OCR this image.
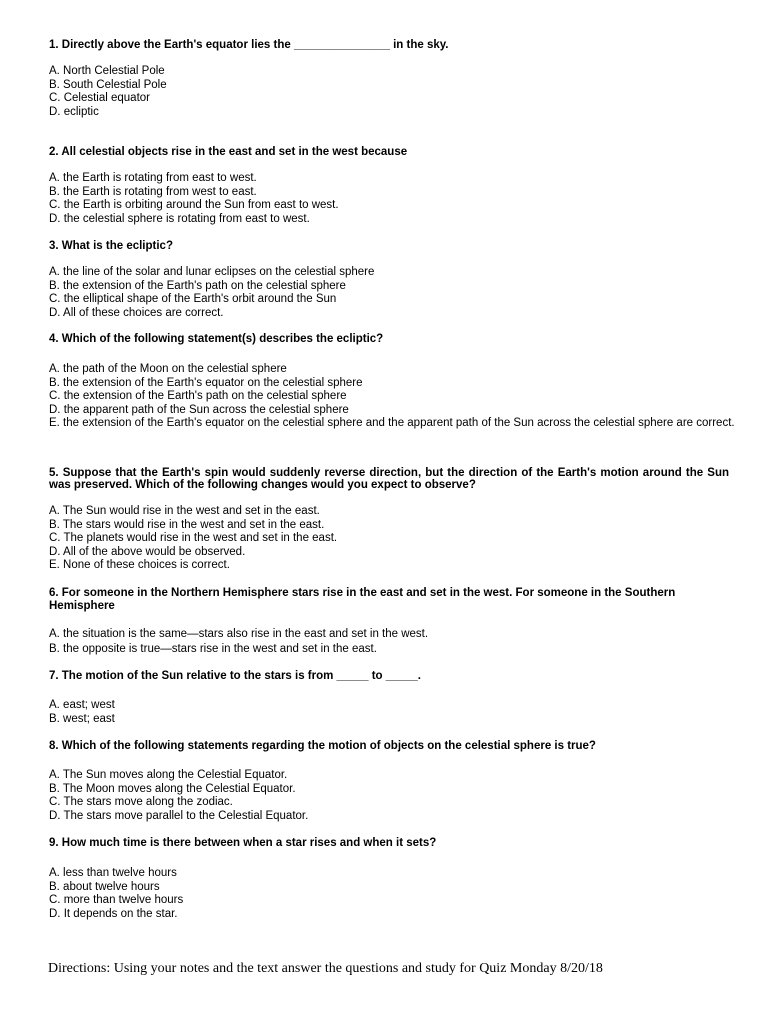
1. Directly above the Earth's equator lies the _______________ in the sky.

A. North Celestial Pole
B. South Celestial Pole
C. Celestial equator
D. ecliptic

2. All celestial objects rise in the east and set in the west because

A. the Earth is rotating from east to west.
B. the Earth is rotating from west to east.
C. the Earth is orbiting around the Sun from east to west.
D. the celestial sphere is rotating from east to west.

3. What is the ecliptic?

A. the line of the solar and lunar eclipses on the celestial sphere
B. the extension of the Earth's path on the celestial sphere
C. the elliptical shape of the Earth's orbit around the Sun
D. All of these choices are correct.

4. Which of the following statement(s) describes the ecliptic?

A. the path of the Moon on the celestial sphere
B. the extension of the Earth's equator on the celestial sphere
C. the extension of the Earth's path on the celestial sphere
D. the apparent path of the Sun across the celestial sphere
E. the extension of the Earth's equator on the celestial sphere and the apparent path of the Sun across the celestial sphere are correct.

5. Suppose that the Earth's spin would suddenly reverse direction, but the direction of the Earth's motion around the Sun was preserved. Which of the following changes would you expect to observe?

A. The Sun would rise in the west and set in the east.
B. The stars would rise in the west and set in the east.
C. The planets would rise in the west and set in the east.
D. All of the above would be observed.
E. None of these choices is correct.

6. For someone in the Northern Hemisphere stars rise in the east and set in the west. For someone in the Southern Hemisphere

A. the situation is the same—stars also rise in the east and set in the west.
B. the opposite is true—stars rise in the west and set in the east.

7. The motion of the Sun relative to the stars is from _____ to _____.

A. east; west
B. west; east

8. Which of the following statements regarding the motion of objects on the celestial sphere is true?

A. The Sun moves along the Celestial Equator.
B. The Moon moves along the Celestial Equator.
C. The stars move along the zodiac.
D. The stars move parallel to the Celestial Equator.

9. How much time is there between when a star rises and when it sets?

A. less than twelve hours
B. about twelve hours
C. more than twelve hours
D. It depends on the star.

Directions: Using your notes and the text answer the questions and study for Quiz Monday 8/20/18
